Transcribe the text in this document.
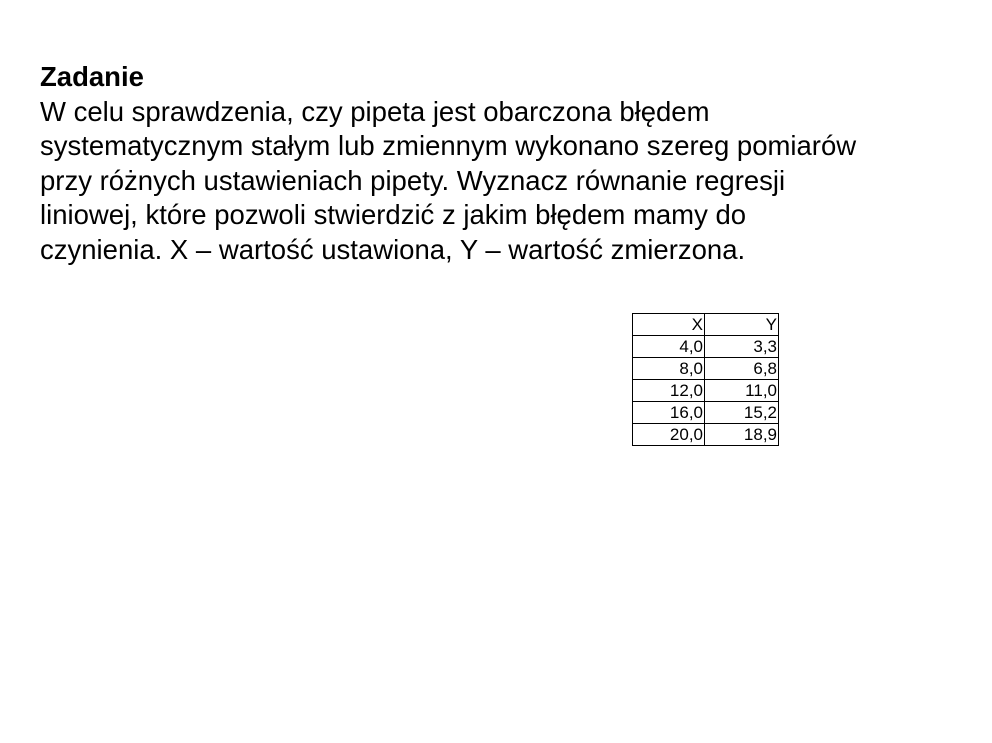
Zadanie

W celu sprawdzenia, czy pipeta jest obarczona błędem
systematycznym stałym lub zmiennym wykonano szereg pomiarów
przy różnych ustawieniach pipety. Wyznacz równanie regresji
liniowej, które pozwoli stwierdzić z jakim błędem mamy do
czynienia. X – wartość ustawiona, Y – wartość zmierzona.

X	Y
4,0	3,3
8,0	6,8
12,0	11,0
16,0	15,2
20,0	18,9
